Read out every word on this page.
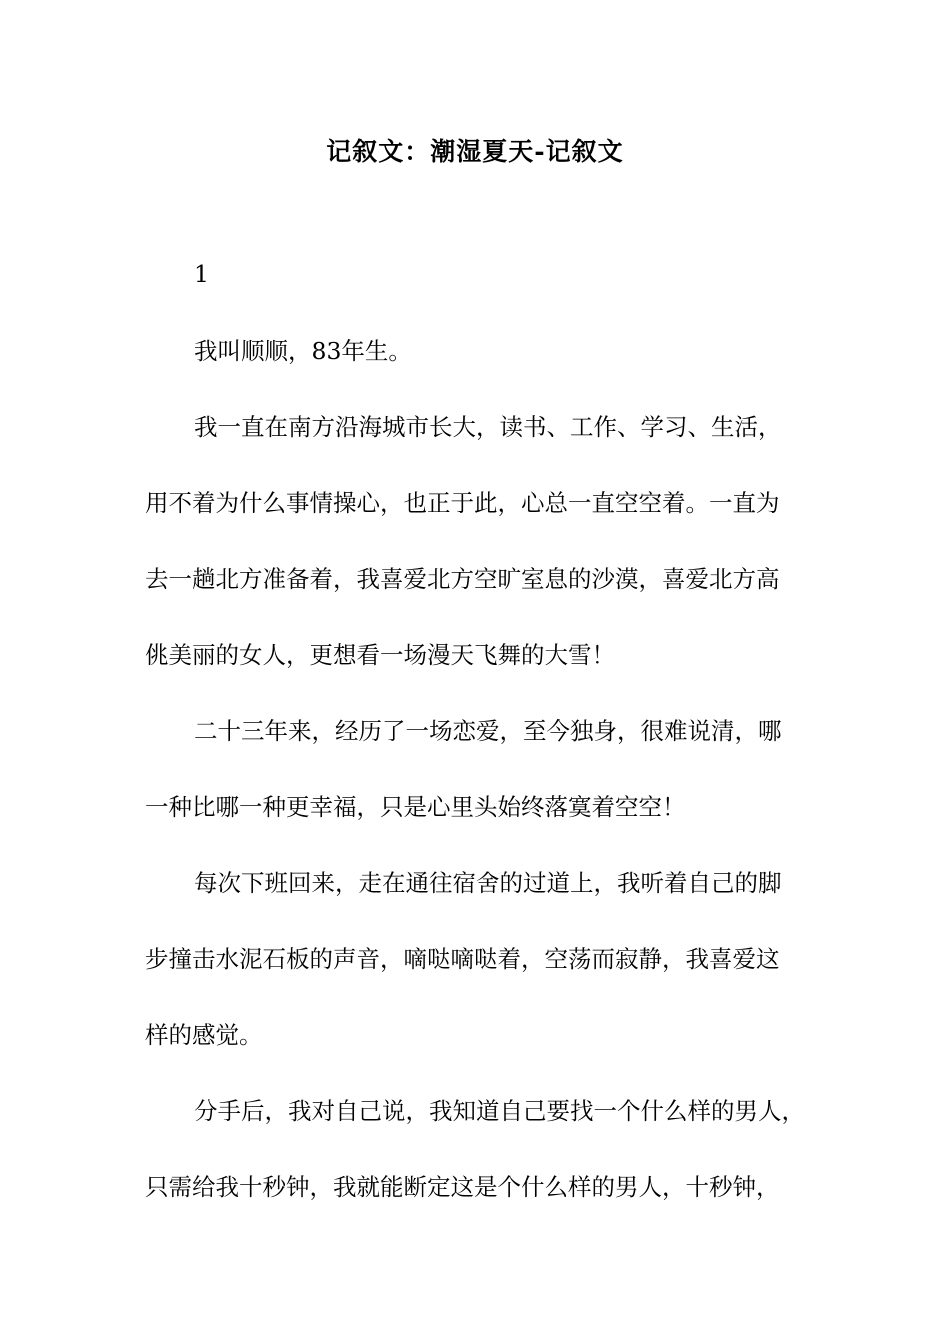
记叙文：潮湿夏天-记叙文
1
我叫顺顺，83年生。
我一直在南方沿海城市长大，读书、工作、学习、生活，
用不着为什么事情操心，也正于此，心总一直空空着。一直为
去一趟北方准备着，我喜爱北方空旷室息的沙漠，喜爱北方高
佻美丽的女人，更想看一场漫天飞舞的大雪！
二十三年来，经历了一场恋爱，至今独身，很难说清，哪
一种比哪一种更幸福，只是心里头始终落寞着空空！
每次下班回来，走在通往宿舍的过道上，我听着自己的脚
步撞击水泥石板的声音，嘀哒嘀哒着，空荡而寂静，我喜爱这
样的感觉。
分手后，我对自己说，我知道自己要找一个什么样的男人，
只需给我十秒钟，我就能断定这是个什么样的男人，十秒钟，
